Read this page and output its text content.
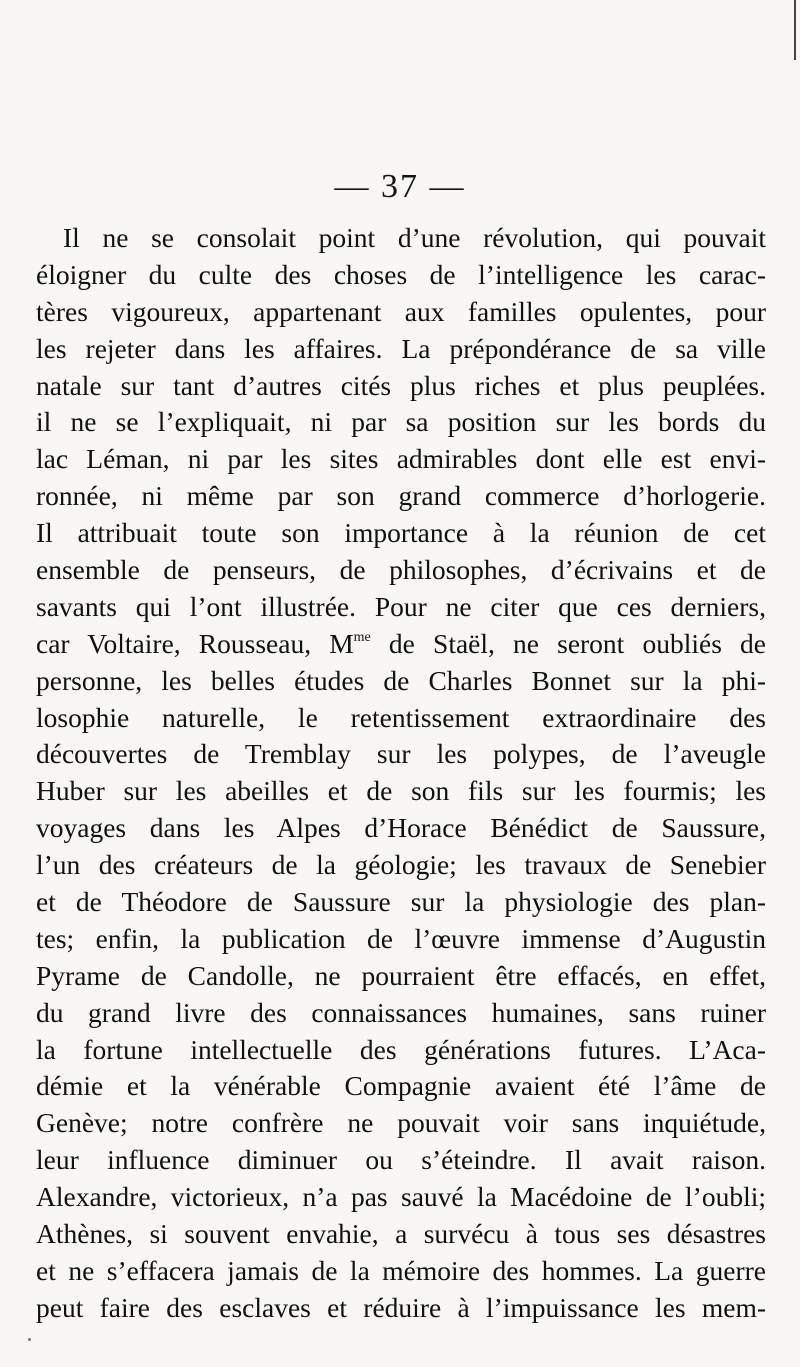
— 37 —
Il ne se consolait point d’une révolution, qui pouvait
éloigner du culte des choses de l’intelligence les carac-
tères vigoureux, appartenant aux familles opulentes, pour
les rejeter dans les affaires. La prépondérance de sa ville
natale sur tant d’autres cités plus riches et plus peuplées.
il ne se l’expliquait, ni par sa position sur les bords du
lac Léman, ni par les sites admirables dont elle est envi-
ronnée, ni même par son grand commerce d’horlogerie.
Il attribuait toute son importance à la réunion de cet
ensemble de penseurs, de philosophes, d’écrivains et de
savants qui l’ont illustrée. Pour ne citer que ces derniers,
car Voltaire, Rousseau, $M^{me}$ de Staël, ne seront oubliés de
personne, les belles études de Charles Bonnet sur la phi-
losophie naturelle, le retentissement extraordinaire des
découvertes de Tremblay sur les polypes, de l’aveugle
Huber sur les abeilles et de son fils sur les fourmis; les
voyages dans les Alpes d’Horace Bénédict de Saussure,
l’un des créateurs de la géologie; les travaux de Senebier
et de Théodore de Saussure sur la physiologie des plan-
tes; enfin, la publication de l’œuvre immense d’Augustin
Pyrame de Candolle, ne pourraient être effacés, en effet,
du grand livre des connaissances humaines, sans ruiner
la fortune intellectuelle des générations futures. L’Aca-
démie et la vénérable Compagnie avaient été l’âme de
Genève; notre confrère ne pouvait voir sans inquiétude,
leur influence diminuer ou s’éteindre. Il avait raison.
Alexandre, victorieux, n’a pas sauvé la Macédoine de l’oubli;
Athènes, si souvent envahie, a survécu à tous ses désastres
et ne s’effacera jamais de la mémoire des hommes. La guerre
peut faire des esclaves et réduire à l’impuissance les mem-
